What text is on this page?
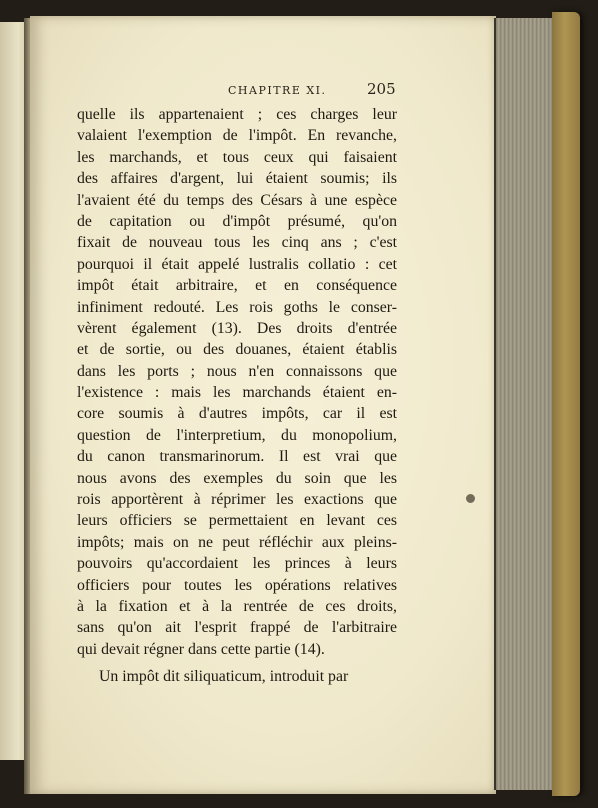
CHAPITRE XI.	205
quelle ils appartenaient ; ces charges leur
valaient l'exemption de l'impôt. En revanche,
les marchands, et tous ceux qui faisaient
des affaires d'argent, lui étaient soumis; ils
l'avaient été du temps des Césars à une espèce
de capitation ou d'impôt présumé, qu'on
fixait de nouveau tous les cinq ans ; c'est
pourquoi il était appelé lustralis collatio : cet
impôt était arbitraire, et en conséquence
infiniment redouté. Les rois goths le conser-
vèrent également (13). Des droits d'entrée
et de sortie, ou des douanes, étaient établis
dans les ports ; nous n'en connaissons que
l'existence : mais les marchands étaient en-
core soumis à d'autres impôts, car il est
question de l'interpretium, du monopolium,
du canon transmarinorum. Il est vrai que
nous avons des exemples du soin que les
rois apportèrent à réprimer les exactions que
leurs officiers se permettaient en levant ces
impôts; mais on ne peut réfléchir aux pleins-
pouvoirs qu'accordaient les princes à leurs
officiers pour toutes les opérations relatives
à la fixation et à la rentrée de ces droits,
sans qu'on ait l'esprit frappé de l'arbitraire
qui devait régner dans cette partie (14).
Un impôt dit siliquaticum, introduit par
